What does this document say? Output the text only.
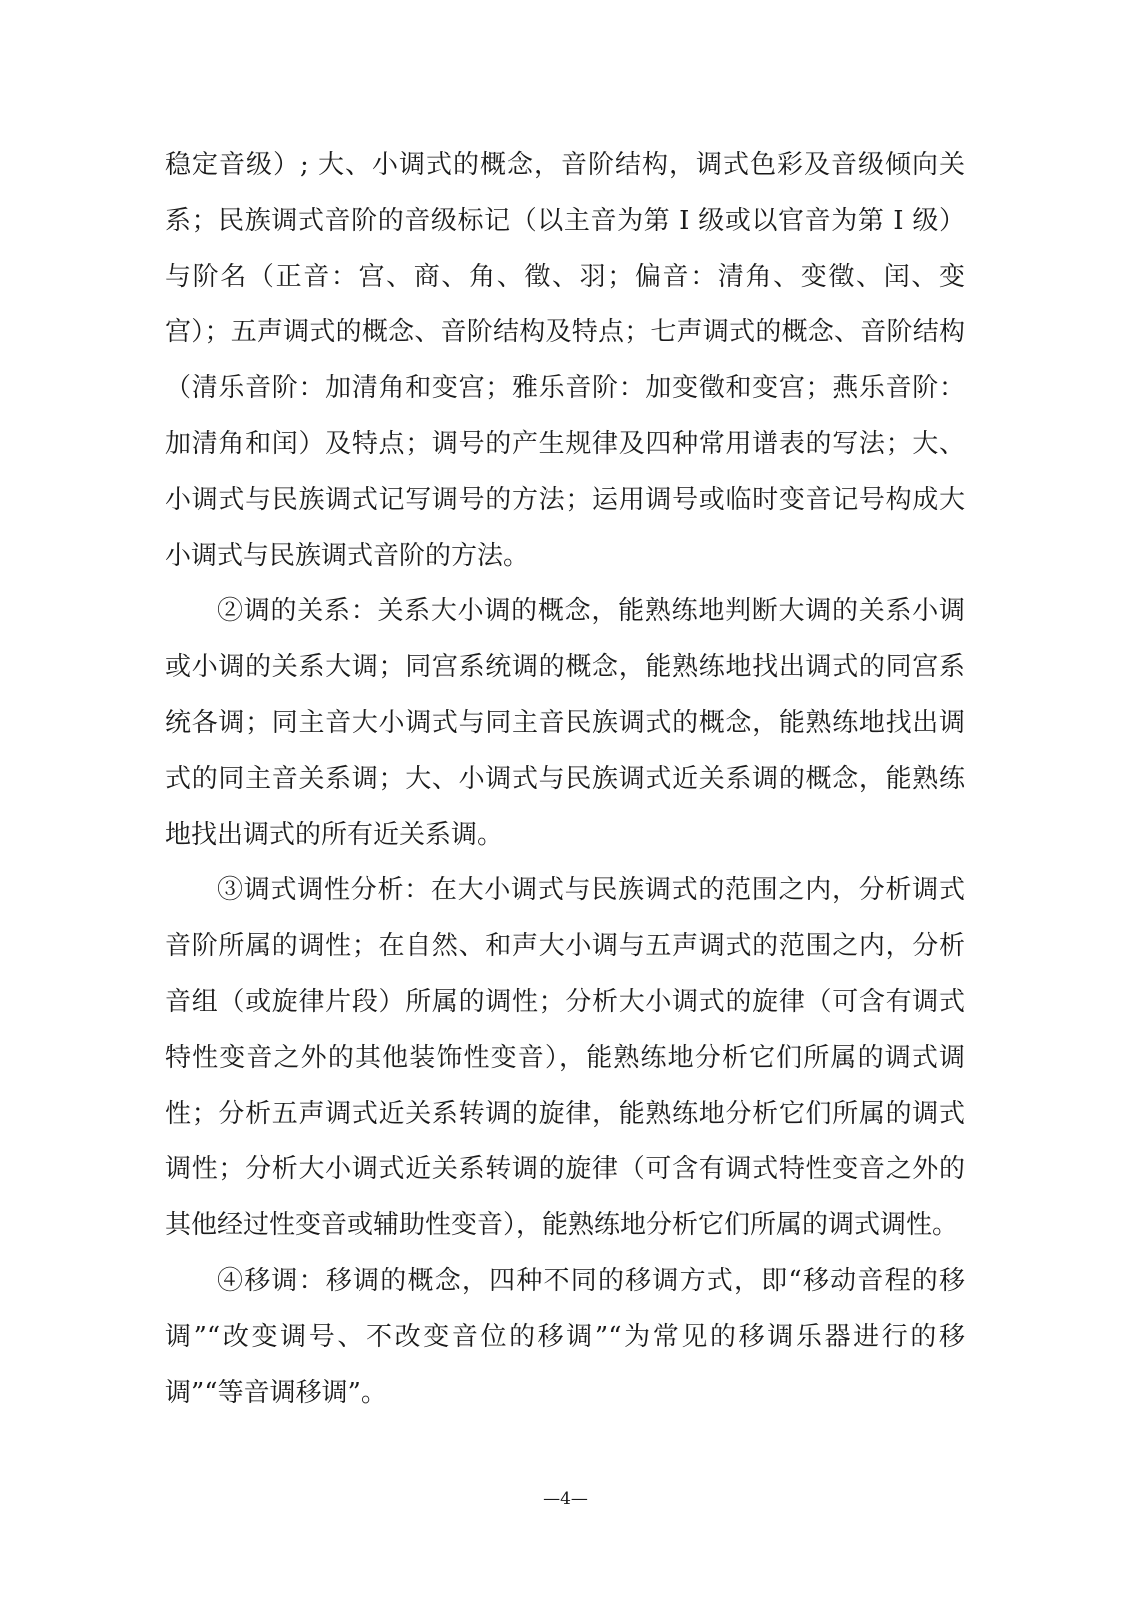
稳定音级）; 大、小调式的概念，音阶结构，调式色彩及音级倾向关系；民族调式音阶的音级标记（以主音为第 I 级或以官音为第 I 级）与阶名（正音：宫、商、角、徵、羽；偏音：清角、变徵、闰、变宫）；五声调式的概念、音阶结构及特点；七声调式的概念、音阶结构（清乐音阶：加清角和变宫；雅乐音阶：加变徵和变宫；燕乐音阶：加清角和闰）及特点；调号的产生规律及四种常用谱表的写法；大、小调式与民族调式记写调号的方法；运用调号或临时变音记号构成大小调式与民族调式音阶的方法。

②调的关系：关系大小调的概念，能熟练地判断大调的关系小调或小调的关系大调；同宫系统调的概念，能熟练地找出调式的同宫系统各调；同主音大小调式与同主音民族调式的概念，能熟练地找出调式的同主音关系调；大、小调式与民族调式近关系调的概念，能熟练地找出调式的所有近关系调。

③调式调性分析：在大小调式与民族调式的范围之内，分析调式音阶所属的调性；在自然、和声大小调与五声调式的范围之内，分析音组（或旋律片段）所属的调性；分析大小调式的旋律（可含有调式特性变音之外的其他装饰性变音），能熟练地分析它们所属的调式调性；分析五声调式近关系转调的旋律，能熟练地分析它们所属的调式调性；分析大小调式近关系转调的旋律（可含有调式特性变音之外的其他经过性变音或辅助性变音），能熟练地分析它们所属的调式调性。

④移调：移调的概念，四种不同的移调方式，即“移动音程的移调”“改变调号、不改变音位的移调”“为常见的移调乐器进行的移调”“等音调移调”。

—4—
